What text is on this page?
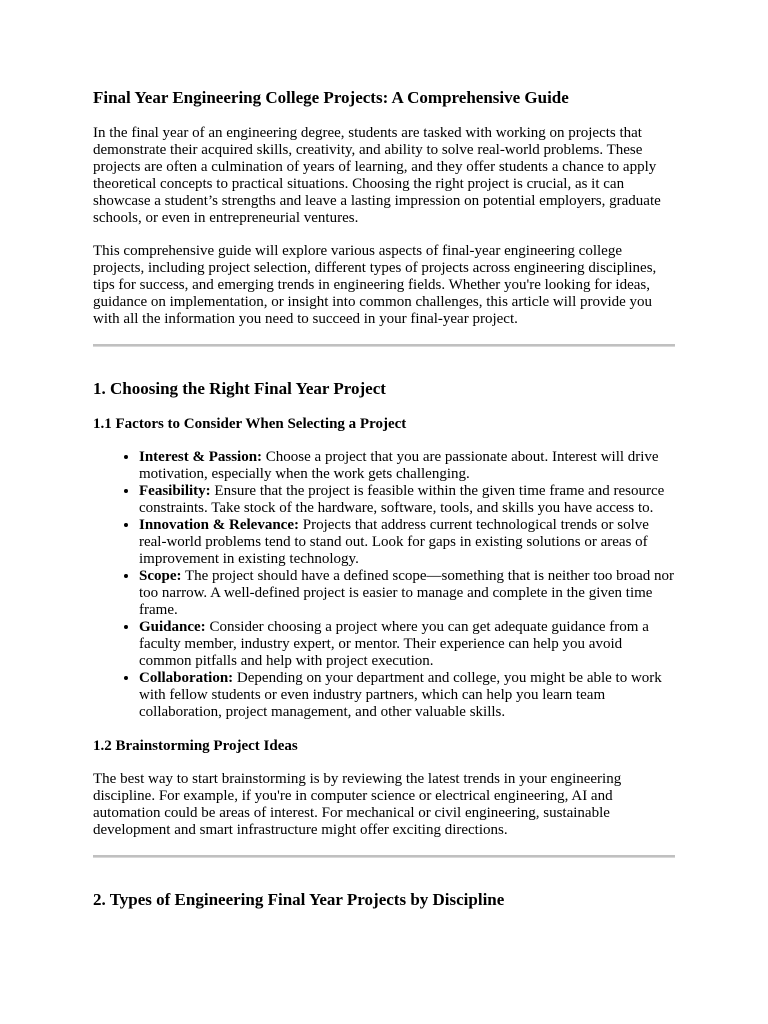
Final Year Engineering College Projects: A Comprehensive Guide

In the final year of an engineering degree, students are tasked with working on projects that demonstrate their acquired skills, creativity, and ability to solve real-world problems. These projects are often a culmination of years of learning, and they offer students a chance to apply theoretical concepts to practical situations. Choosing the right project is crucial, as it can showcase a student’s strengths and leave a lasting impression on potential employers, graduate schools, or even in entrepreneurial ventures.

This comprehensive guide will explore various aspects of final-year engineering college projects, including project selection, different types of projects across engineering disciplines, tips for success, and emerging trends in engineering fields. Whether you're looking for ideas, guidance on implementation, or insight into common challenges, this article will provide you with all the information you need to succeed in your final-year project.

1. Choosing the Right Final Year Project
1.1 Factors to Consider When Selecting a Project
• Interest & Passion: Choose a project that you are passionate about. Interest will drive motivation, especially when the work gets challenging.
• Feasibility: Ensure that the project is feasible within the given time frame and resource constraints. Take stock of the hardware, software, tools, and skills you have access to.
• Innovation & Relevance: Projects that address current technological trends or solve real-world problems tend to stand out. Look for gaps in existing solutions or areas of improvement in existing technology.
• Scope: The project should have a defined scope—something that is neither too broad nor too narrow. A well-defined project is easier to manage and complete in the given time frame.
• Guidance: Consider choosing a project where you can get adequate guidance from a faculty member, industry expert, or mentor. Their experience can help you avoid common pitfalls and help with project execution.
• Collaboration: Depending on your department and college, you might be able to work with fellow students or even industry partners, which can help you learn team collaboration, project management, and other valuable skills.
1.2 Brainstorming Project Ideas

The best way to start brainstorming is by reviewing the latest trends in your engineering discipline. For example, if you're in computer science or electrical engineering, AI and automation could be areas of interest. For mechanical or civil engineering, sustainable development and smart infrastructure might offer exciting directions.

2. Types of Engineering Final Year Projects by Discipline
